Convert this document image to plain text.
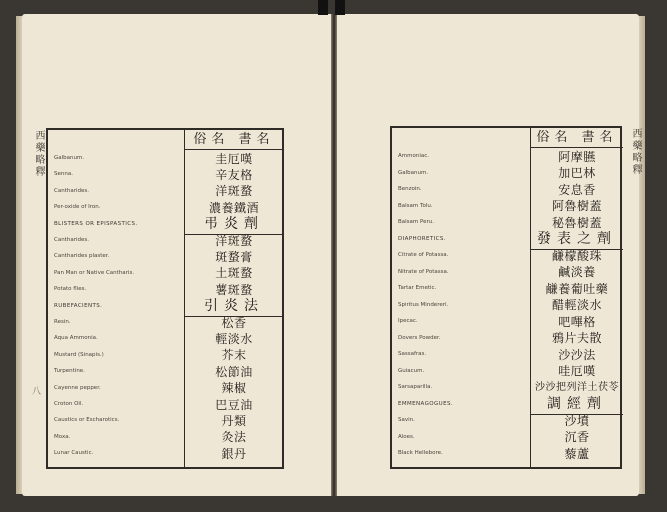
西藥略釋
八
西藥略釋
俗名 書名
圭厄嘆
辛友格
洋斑蝥
濃養鐵酒
弔炎劑
洋斑蝥
斑蝥膏
土斑蝥
薯斑蝥
引炎法
松香
輕淡水
芥末
松節油
辣椒
巴豆油
丹類
灸法
銀丹
Galbanum.
Senna.
Cantharides.
Per-oxide of Iron.
BLISTERS OR EPISPASTICS.
Cantharides.
Cantharides plaster.
Pan Man or Native Cantharis.
Potato flies.
RUBEFACIENTS.
Resin.
Aqua Ammonia.
Mustard (Sinapis.)
Turpentine.
Cayenne pepper.
Croton Oil.
Caustics or Escharotics.
Moxa.
Lunar Caustic.
俗名 書名
阿摩臙
加巴林
安息香
阿魯樹蓋
秘魯樹蓋
發表之劑
鹻檬酸珠
鹹淡養
鹻養葡吐藥
醋輕淡水
吧嗶格
鴉片夫散
沙沙法
哇厄嘆
沙沙把列洋土茯苓
調經劑
沙墳
沉香
藜蘆
Ammoniac.
Galbanum.
Benzoin.
Balsam Tolu.
Balsam Peru.
DIAPHORETICS.
Citrate of Potassa.
Nitrate of Potassa.
Tartar Emetic.
Spiritus Mindereri.
Ipecac.
Dovers Powder.
Sassafras.
Guiacum.
Sarsaparilla.
EMMENAGOGUES.
Savin.
Aloes.
Black Hellebore.
